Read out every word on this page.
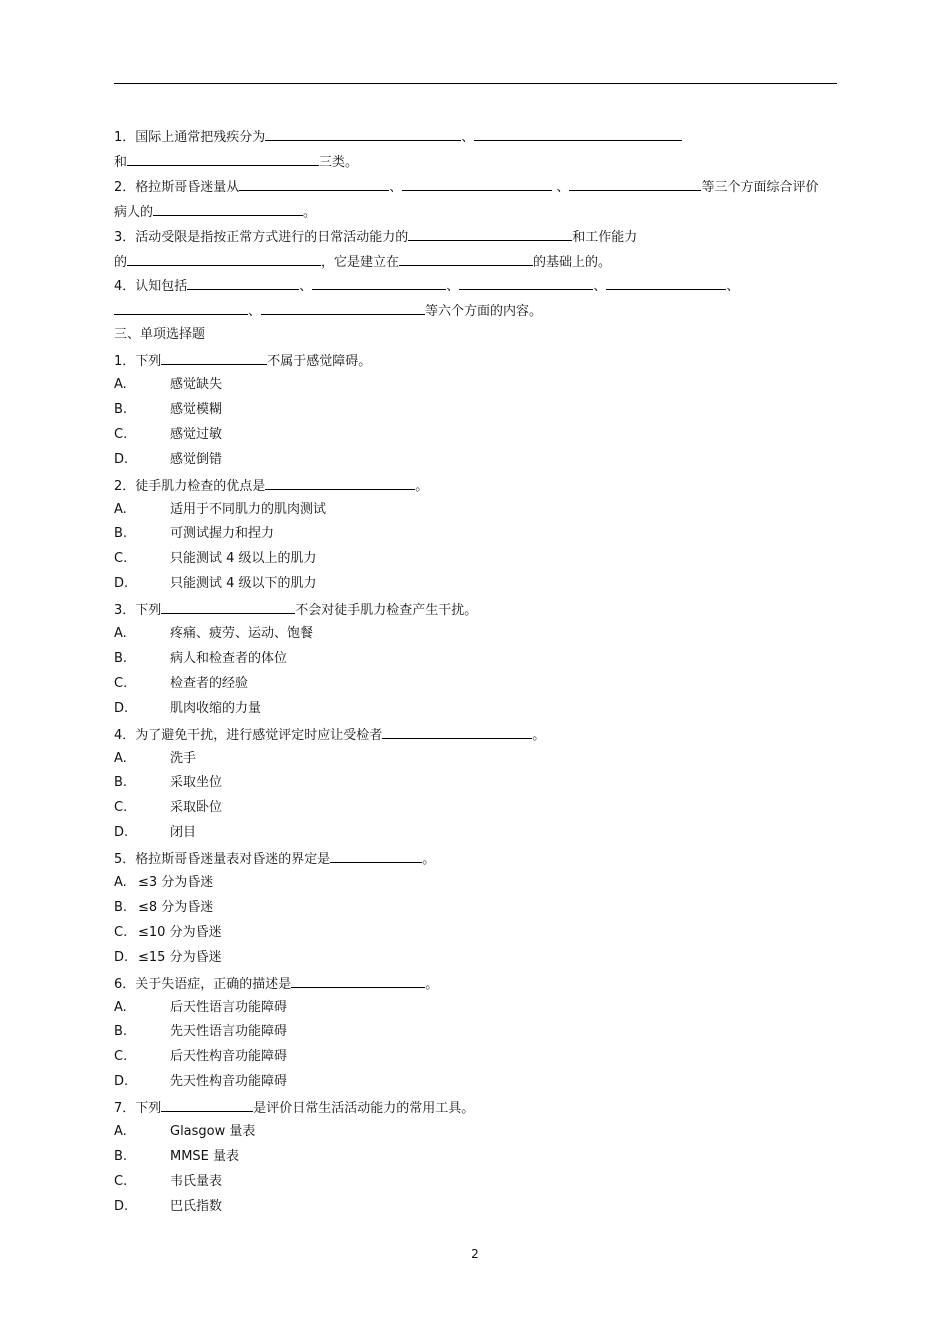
1．国际上通常把残疾分为	、
和	三类。
2．格拉斯哥昏迷量从	、	、	等三个方面综合评价
病人的	。
3．活动受限是指按正常方式进行的日常活动能力的	和工作能力
的	，它是建立在	的基础上的。
4．认知包括	、	、	、	、
、	等六个方面的内容。
三、单项选择题
1．下列	不属于感觉障碍。
A.	感觉缺失
B.	感觉模糊
C.	感觉过敏
D.	感觉倒错
2．徒手肌力检查的优点是	。
A.	适用于不同肌力的肌肉测试
B.	可测试握力和捏力
C.	只能测试 4 级以上的肌力
D.	只能测试 4 级以下的肌力
3．下列	不会对徒手肌力检查产生干扰。
A.	疼痛、疲劳、运动、饱餐
B.	病人和检查者的体位
C.	检查者的经验
D.	肌肉收缩的力量
4．为了避免干扰，进行感觉评定时应让受检者	。
A.	洗手
B.	采取坐位
C.	采取卧位
D.	闭目
5．格拉斯哥昏迷量表对昏迷的界定是	。
A. ≤3 分为昏迷
B. ≤8 分为昏迷
C. ≤10 分为昏迷
D. ≤15 分为昏迷
6．关于失语症，正确的描述是	。
A.	后天性语言功能障碍
B.	先天性语言功能障碍
C.	后天性构音功能障碍
D.	先天性构音功能障碍
7．下列	是评价日常生活活动能力的常用工具。
A.	Glasgow 量表
B.	MMSE 量表
C.	韦氏量表
D.	巴氏指数
2
